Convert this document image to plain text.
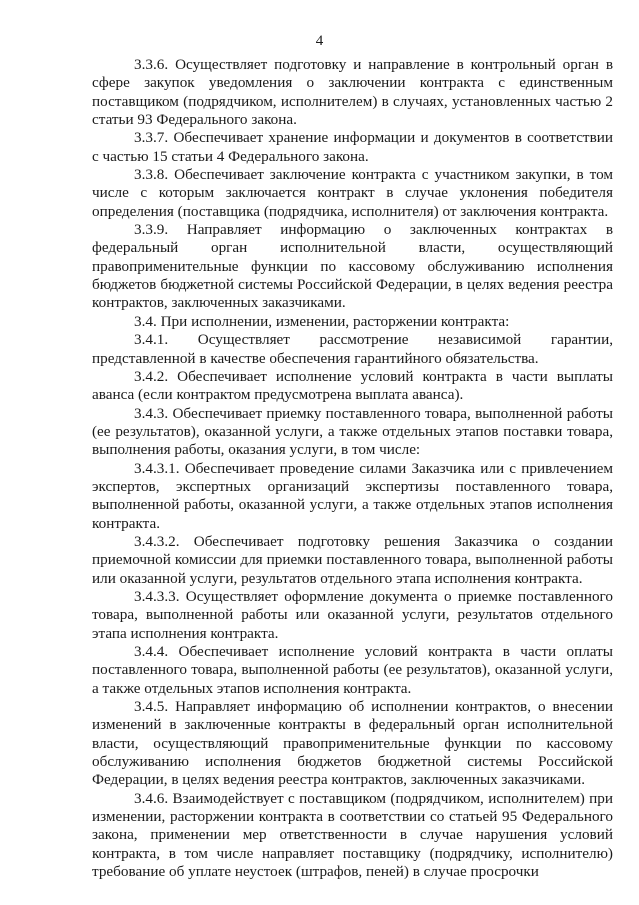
4

3.3.6. Осуществляет подготовку и направление в контрольный орган в сфере закупок уведомления о заключении контракта с единственным поставщиком (подрядчиком, исполнителем) в случаях, установленных частью 2 статьи 93 Федерального закона.

3.3.7. Обеспечивает хранение информации и документов в соответствии с частью 15 статьи 4 Федерального закона.

3.3.8. Обеспечивает заключение контракта с участником закупки, в том числе с которым заключается контракт в случае уклонения победителя определения (поставщика (подрядчика, исполнителя) от заключения контракта.

3.3.9. Направляет информацию о заключенных контрактах в федеральный орган исполнительной власти, осуществляющий правоприменительные функции по кассовому обслуживанию исполнения бюджетов бюджетной системы Российской Федерации, в целях ведения реестра контрактов, заключенных заказчиками.

3.4. При исполнении, изменении, расторжении контракта:

3.4.1. Осуществляет рассмотрение независимой гарантии, представленной в качестве обеспечения гарантийного обязательства.

3.4.2. Обеспечивает исполнение условий контракта в части выплаты аванса (если контрактом предусмотрена выплата аванса).

3.4.3. Обеспечивает приемку поставленного товара, выполненной работы (ее результатов), оказанной услуги, а также отдельных этапов поставки товара, выполнения работы, оказания услуги, в том числе:

3.4.3.1. Обеспечивает проведение силами Заказчика или с привлечением экспертов, экспертных организаций экспертизы поставленного товара, выполненной работы, оказанной услуги, а также отдельных этапов исполнения контракта.

3.4.3.2. Обеспечивает подготовку решения Заказчика о создании приемочной комиссии для приемки поставленного товара, выполненной работы или оказанной услуги, результатов отдельного этапа исполнения контракта.

3.4.3.3. Осуществляет оформление документа о приемке поставленного товара, выполненной работы или оказанной услуги, результатов отдельного этапа исполнения контракта.

3.4.4. Обеспечивает исполнение условий контракта в части оплаты поставленного товара, выполненной работы (ее результатов), оказанной услуги, а также отдельных этапов исполнения контракта.

3.4.5. Направляет информацию об исполнении контрактов, о внесении изменений в заключенные контракты в федеральный орган исполнительной власти, осуществляющий правоприменительные функции по кассовому обслуживанию исполнения бюджетов бюджетной системы Российской Федерации, в целях ведения реестра контрактов, заключенных заказчиками.

3.4.6. Взаимодействует с поставщиком (подрядчиком, исполнителем) при изменении, расторжении контракта в соответствии со статьей 95 Федерального закона, применении мер ответственности в случае нарушения условий контракта, в том числе направляет поставщику (подрядчику, исполнителю) требование об уплате неустоек (штрафов, пеней) в случае просрочки
